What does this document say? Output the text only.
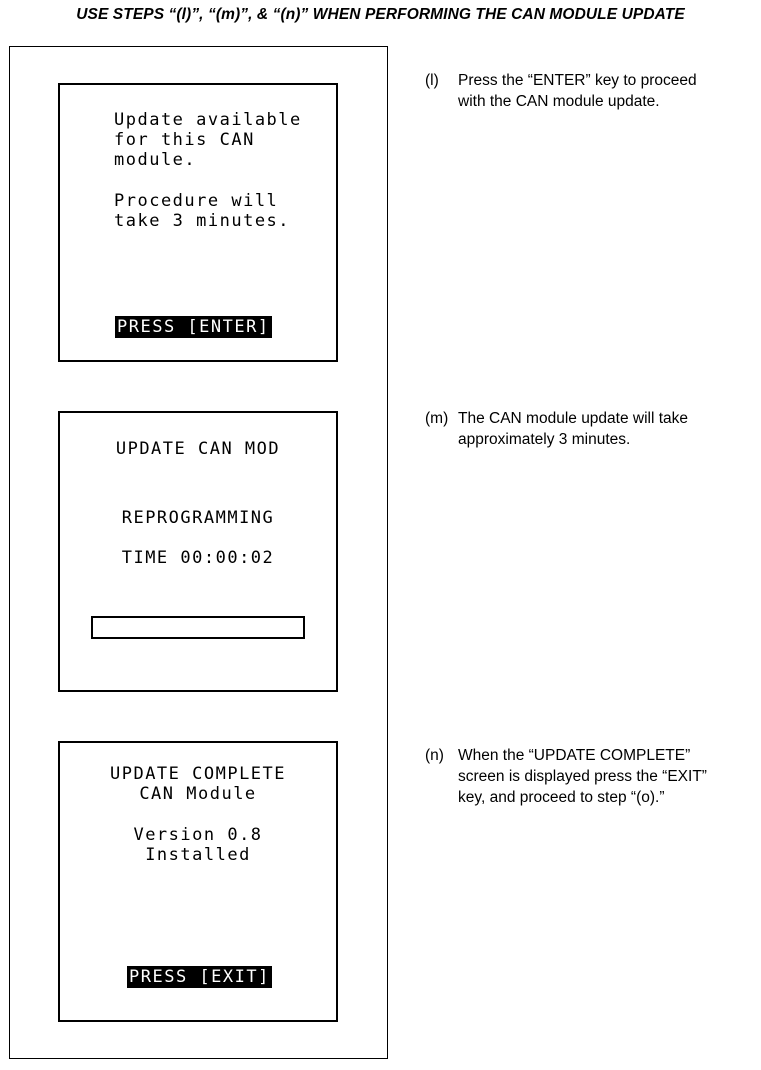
USE STEPS “(l)”, “(m)”, & “(n)” WHEN PERFORMING THE CAN MODULE UPDATE
Update available
for this CAN
module.
Procedure will
take 3 minutes.
PRESS [ENTER]
UPDATE CAN MOD
REPROGRAMMING
TIME 00:00:02
UPDATE COMPLETE
CAN Module
Version 0.8
Installed
PRESS [EXIT]
(l) Press the “ENTER” key to proceed
with the CAN module update.
(m) The CAN module update will take
approximately 3 minutes.
(n) When the “UPDATE COMPLETE”
screen is displayed press the “EXIT”
key, and proceed to step “(o).”
